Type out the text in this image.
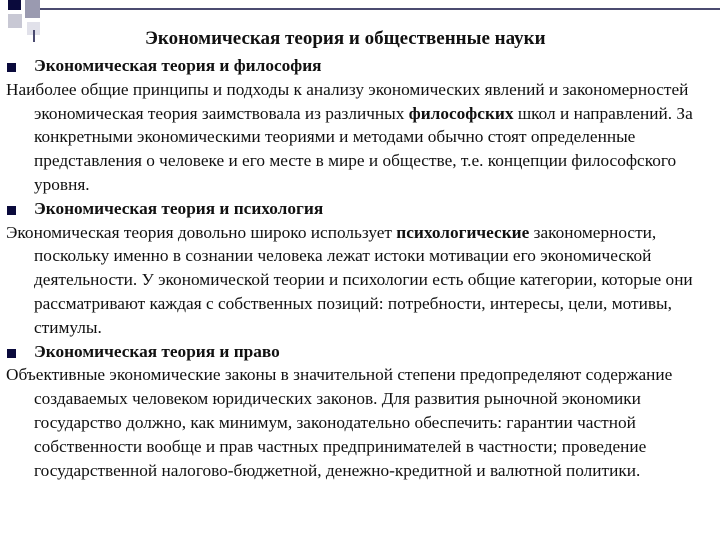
Экономическая теория и общественные науки
Экономическая теория и философия
Наиболее общие принципы и подходы к анализу экономических явлений и закономерностей экономическая теория заимствовала из различных философских школ и направлений. За конкретными экономическими теориями и методами обычно стоят определенные представления о человеке и его месте в мире и обществе, т.е. концепции философского уровня.
Экономическая теория и психология
Экономическая теория довольно широко использует психологические закономерности, поскольку именно в сознании человека лежат истоки мотивации его экономической деятельности. У экономической теории и психологии есть общие категории, которые они рассматривают каждая с собственных позиций: потребности, интересы, цели, мотивы, стимулы.
Экономическая теория и право
Объективные экономические законы в значительной степени предопределяют содержание создаваемых человеком юридических законов. Для развития рыночной экономики государство должно, как минимум, законодательно обеспечить: гарантии частной собственности вообще и прав частных предпринимателей в частности; проведение государственной налогово-бюджетной, денежно-кредитной и валютной политики.
